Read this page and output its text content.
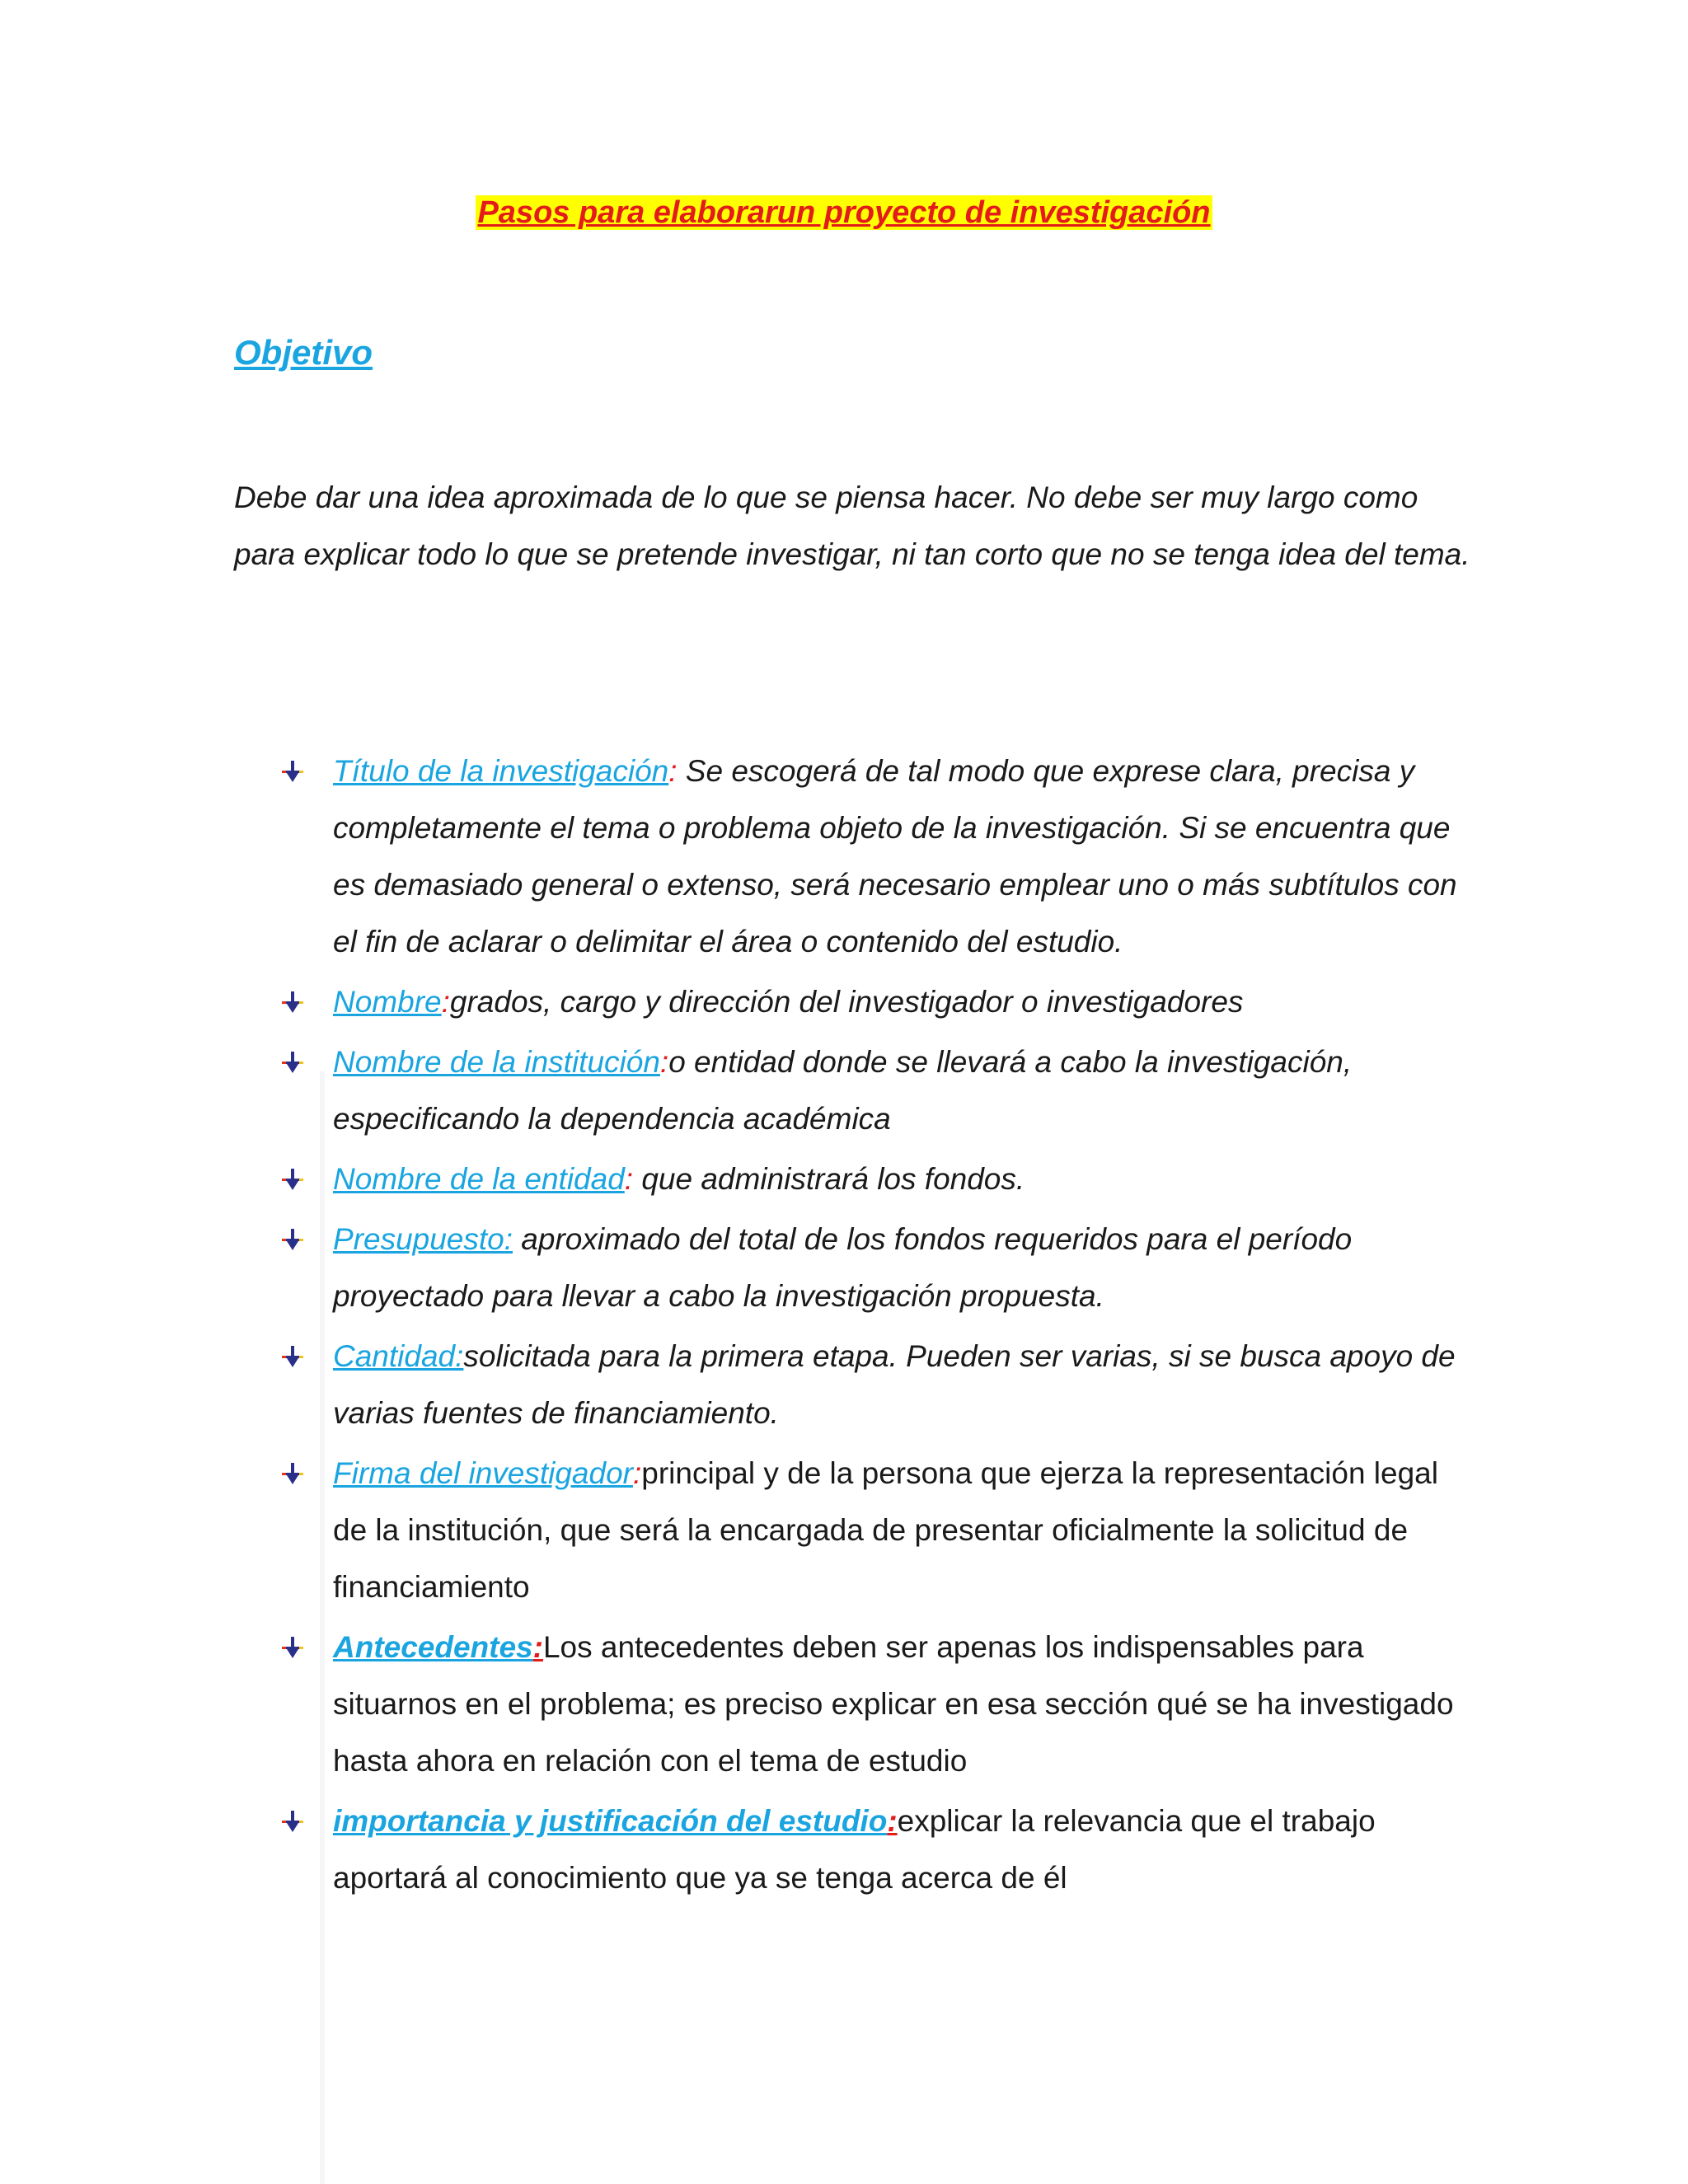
Pasos para elaborarun proyecto de investigación
Objetivo
Debe dar una idea aproximada de lo que se piensa hacer. No debe ser muy largo como para explicar todo lo que se pretende investigar, ni tan corto que no se tenga idea del tema.
Título de la investigación: Se escogerá de tal modo que exprese clara, precisa y completamente el tema o problema objeto de la investigación. Si se encuentra que es demasiado general o extenso, será necesario emplear uno o más subtítulos con el fin de aclarar o delimitar el área o contenido del estudio.
Nombre:grados, cargo y dirección del investigador o investigadores
Nombre de la institución:o entidad donde se llevará a cabo la investigación, especificando la dependencia académica
Nombre de la entidad: que administrará los fondos.
Presupuesto: aproximado del total de los fondos requeridos para el período proyectado para llevar a cabo la investigación propuesta.
Cantidad:solicitada para la primera etapa. Pueden ser varias, si se busca apoyo de varias fuentes de financiamiento.
Firma del investigador:principal y de la persona que ejerza la representación legal de la institución, que será la encargada de presentar oficialmente la solicitud de financiamiento
Antecedentes:Los antecedentes deben ser apenas los indispensables para situarnos en el problema; es preciso explicar en esa sección qué se ha investigado hasta ahora en relación con el tema de estudio
importancia y justificación del estudio:explicar la relevancia que el trabajo aportará al conocimiento que ya se tenga acerca de él
